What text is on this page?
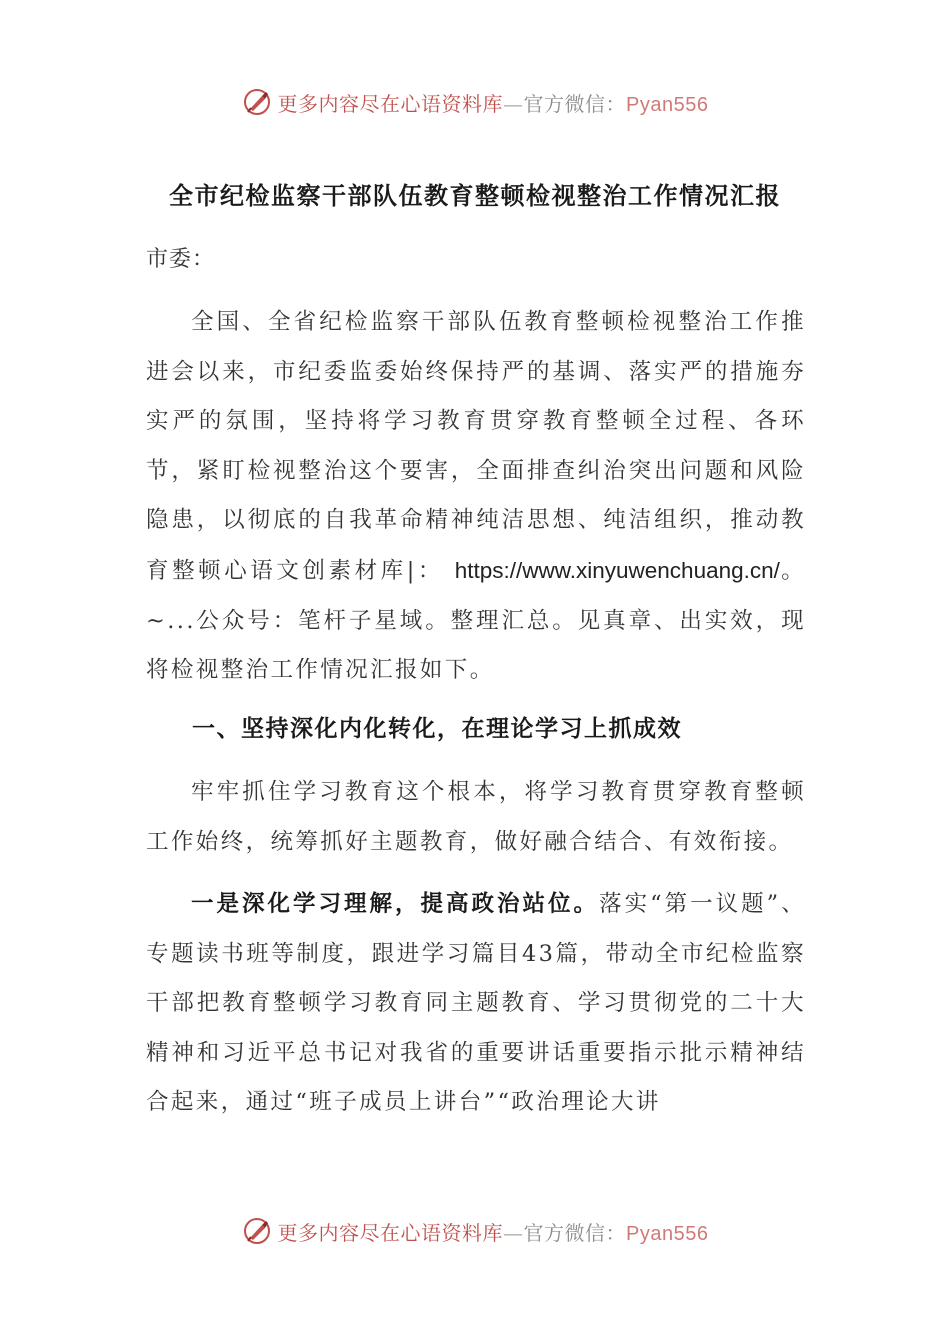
更多内容尽在心语资料库—官方微信：Pyan556
全市纪检监察干部队伍教育整顿检视整治工作情况汇报
市委：

全国、全省纪检监察干部队伍教育整顿检视整治工作推进会以来，市纪委监委始终保持严的基调、落实严的措施夯实严的氛围，坚持将学习教育贯穿教育整顿全过程、各环节，紧盯检视整治这个要害，全面排查纠治突出问题和风险隐患，以彻底的自我革命精神纯洁思想、纯洁组织，推动教育整顿心语文创素材库|： https://www.xinyuwenchuang.cn/。~...公众号：笔杆子星域。整理汇总。见真章、出实效，现将检视整治工作情况汇报如下。

一、坚持深化内化转化，在理论学习上抓成效

牢牢抓住学习教育这个根本，将学习教育贯穿教育整顿工作始终，统筹抓好主题教育，做好融合结合、有效衔接。

一是深化学习理解，提高政治站位。落实“第一议题”、专题读书班等制度，跟进学习篇目43篇，带动全市纪检监察干部把教育整顿学习教育同主题教育、学习贯彻党的二十大精神和习近平总书记对我省的重要讲话重要指示批示精神结合起来，通过“班子成员上讲台”“政治理论大讲

更多内容尽在心语资料库—官方微信：Pyan556
